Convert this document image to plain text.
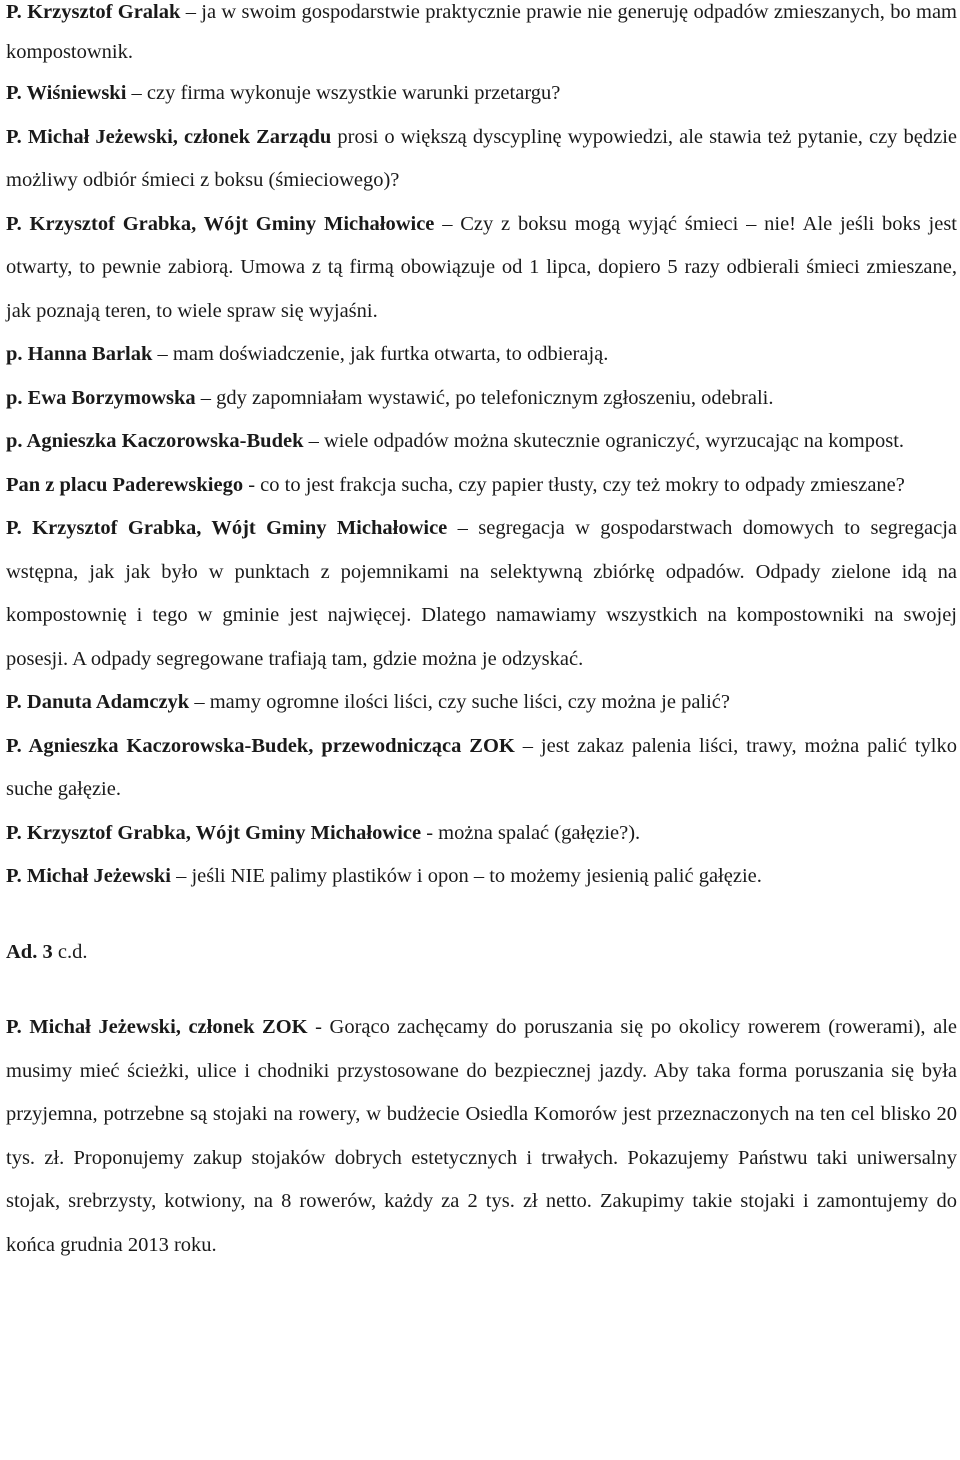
P. Krzysztof Gralak – ja w swoim gospodarstwie praktycznie prawie nie generuję odpadów zmieszanych, bo mam kompostownik.

P. Wiśniewski – czy firma wykonuje wszystkie warunki przetargu?

P. Michał Jeżewski, członek Zarządu prosi o większą dyscyplinę wypowiedzi, ale stawia też pytanie, czy będzie możliwy odbiór śmieci z boksu (śmieciowego)?

P. Krzysztof Grabka, Wójt Gminy Michałowice – Czy z boksu mogą wyjąć śmieci – nie! Ale jeśli boks jest otwarty, to pewnie zabiorą. Umowa z tą firmą obowiązuje od 1 lipca, dopiero 5 razy odbierali śmieci zmieszane, jak poznają teren, to wiele spraw się wyjaśni.

p. Hanna Barlak – mam doświadczenie, jak furtka otwarta, to odbierają.

p. Ewa Borzymowska – gdy zapomniałam wystawić, po telefonicznym zgłoszeniu, odebrali.

p. Agnieszka Kaczorowska-Budek – wiele odpadów można skutecznie ograniczyć, wyrzucając na kompost.

Pan z placu Paderewskiego - co to jest frakcja sucha, czy papier tłusty, czy też mokry to odpady zmieszane?

P. Krzysztof Grabka, Wójt Gminy Michałowice – segregacja w gospodarstwach domowych to segregacja wstępna, jak jak było w punktach z pojemnikami na selektywną zbiórkę odpadów. Odpady zielone idą na kompostownię i tego w gminie jest najwięcej. Dlatego namawiamy wszystkich na kompostowniki na swojej posesji. A odpady segregowane trafiają tam, gdzie można je odzyskać.

P. Danuta Adamczyk – mamy ogromne ilości liści, czy suche liści, czy można je palić?

P. Agnieszka Kaczorowska-Budek, przewodnicząca ZOK – jest zakaz palenia liści, trawy, można palić tylko suche gałęzie.

P. Krzysztof Grabka, Wójt Gminy Michałowice - można spalać (gałęzie?).

P. Michał Jeżewski – jeśli NIE palimy plastików i opon – to możemy jesienią palić gałęzie.

Ad. 3 c.d.

P. Michał Jeżewski, członek ZOK - Gorąco zachęcamy do poruszania się po okolicy rowerem (rowerami), ale musimy mieć ścieżki, ulice i chodniki przystosowane do bezpiecznej jazdy. Aby taka forma poruszania się była przyjemna, potrzebne są stojaki na rowery, w budżecie Osiedla Komorów jest przeznaczonych na ten cel blisko 20 tys. zł. Proponujemy zakup stojaków dobrych estetycznych i trwałych. Pokazujemy Państwu taki uniwersalny stojak, srebrzysty, kotwiony, na 8 rowerów, każdy za 2 tys. zł netto. Zakupimy takie stojaki i zamontujemy do końca grudnia 2013 roku.
